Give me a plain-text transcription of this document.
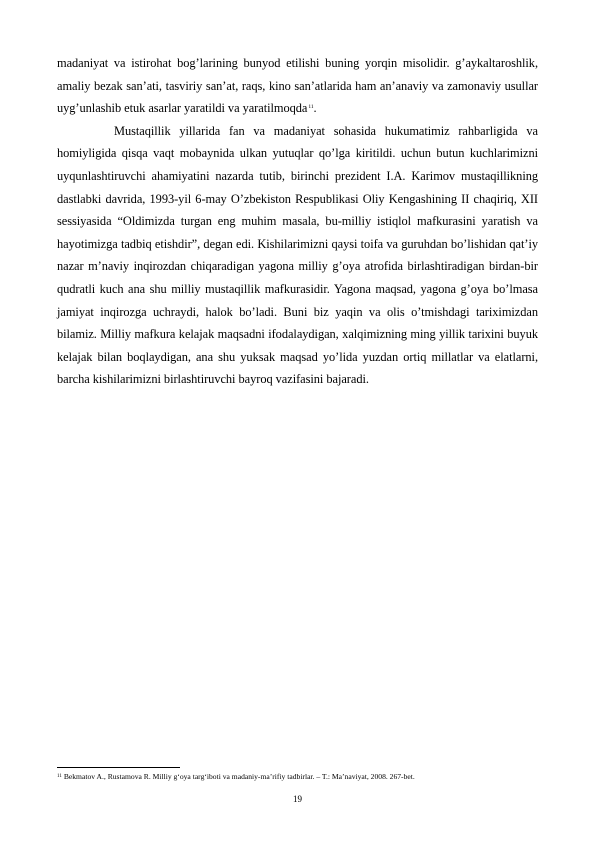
madaniyat va istirohat bog’larining bunyod etilishi buning yorqin misolidir. g’aykaltaroshlik, amaliy bezak san’ati, tasviriy san’at, raqs, kino san’atlarida ham an’anaviy va zamonaviy usullar uyg’unlashib etuk asarlar yaratildi va yaratilmoqda$^{11}$.

Mustaqillik yillarida fan va madaniyat sohasida hukumatimiz rahbarligida va homiyligida qisqa vaqt mobaynida ulkan yutuqlar qo’lga kiritildi. uchun butun kuchlarimizni uyqunlashtiruvchi ahamiyatini nazarda tutib, birinchi prezident I.A. Karimov mustaqillikning dastlabki davrida, 1993-yil 6-may O’zbekiston Respublikasi Oliy Kengashining II chaqiriq, XII sessiyasida “Oldimizda turgan eng muhim masala, bu-milliy istiqlol mafkurasini yaratish va hayotimizga tadbiq etishdir”, degan edi. Kishilarimizni qaysi toifa va guruhdan bo’lishidan qat’iy nazar m’naviy inqirozdan chiqaradigan yagona milliy g’oya atrofida birlashtiradigan birdan-bir qudratli kuch ana shu milliy mustaqillik mafkurasidir. Yagona maqsad, yagona g’oya bo’lmasa jamiyat inqirozga uchraydi, halok bo’ladi. Buni biz yaqin va olis o’tmishdagi tariximizdan bilamiz. Milliy mafkura kelajak maqsadni ifodalaydigan, xalqimizning ming yillik tarixini buyuk kelajak bilan boqlaydigan, ana shu yuksak maqsad yo’lida yuzdan ortiq millatlar va elatlarni, barcha kishilarimizni birlashtiruvchi bayroq vazifasini bajaradi.

$^{11}$ Bekmatov A., Rustamova R. Milliy g‘oya targ‘iboti va madaniy-ma’rifiy tadbirlar. – T.: Ma’naviyat, 2008. 267-bet.
19
